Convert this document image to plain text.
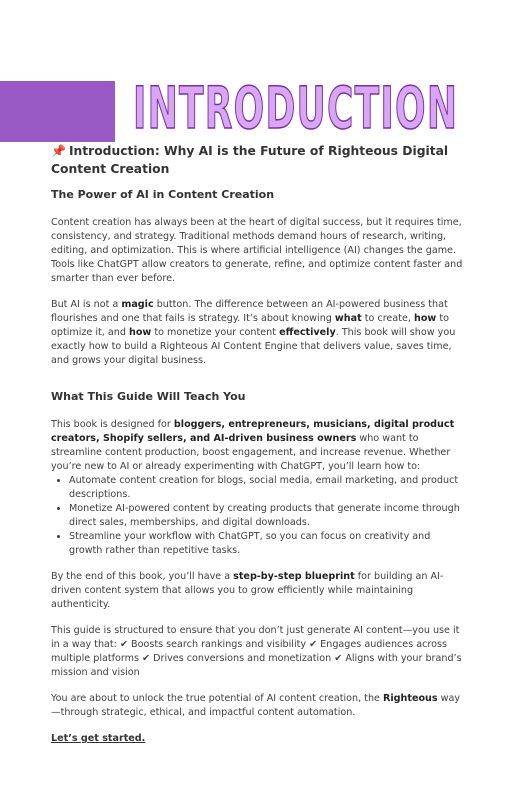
INTRODUCTION

📌 Introduction: Why AI is the Future of Righteous Digital Content Creation

The Power of AI in Content Creation

Content creation has always been at the heart of digital success, but it requires time, consistency, and strategy. Traditional methods demand hours of research, writing, editing, and optimization. This is where artificial intelligence (AI) changes the game. Tools like ChatGPT allow creators to generate, refine, and optimize content faster and smarter than ever before.

But AI is not a magic button. The difference between an AI-powered business that flourishes and one that fails is strategy. It’s about knowing what to create, how to optimize it, and how to monetize your content effectively. This book will show you exactly how to build a Righteous AI Content Engine that delivers value, saves time, and grows your digital business.

What This Guide Will Teach You

This book is designed for bloggers, entrepreneurs, musicians, digital product creators, Shopify sellers, and AI-driven business owners who want to streamline content production, boost engagement, and increase revenue. Whether you’re new to AI or already experimenting with ChatGPT, you’ll learn how to:

• Automate content creation for blogs, social media, email marketing, and product descriptions.
• Monetize AI-powered content by creating products that generate income through direct sales, memberships, and digital downloads.
• Streamline your workflow with ChatGPT, so you can focus on creativity and growth rather than repetitive tasks.

By the end of this book, you’ll have a step-by-step blueprint for building an AI-driven content system that allows you to grow efficiently while maintaining authenticity.

This guide is structured to ensure that you don’t just generate AI content—you use it in a way that: ✔ Boosts search rankings and visibility ✔ Engages audiences across multiple platforms ✔ Drives conversions and monetization ✔ Aligns with your brand’s mission and vision

You are about to unlock the true potential of AI content creation, the Righteous way—through strategic, ethical, and impactful content automation.

Let’s get started.
